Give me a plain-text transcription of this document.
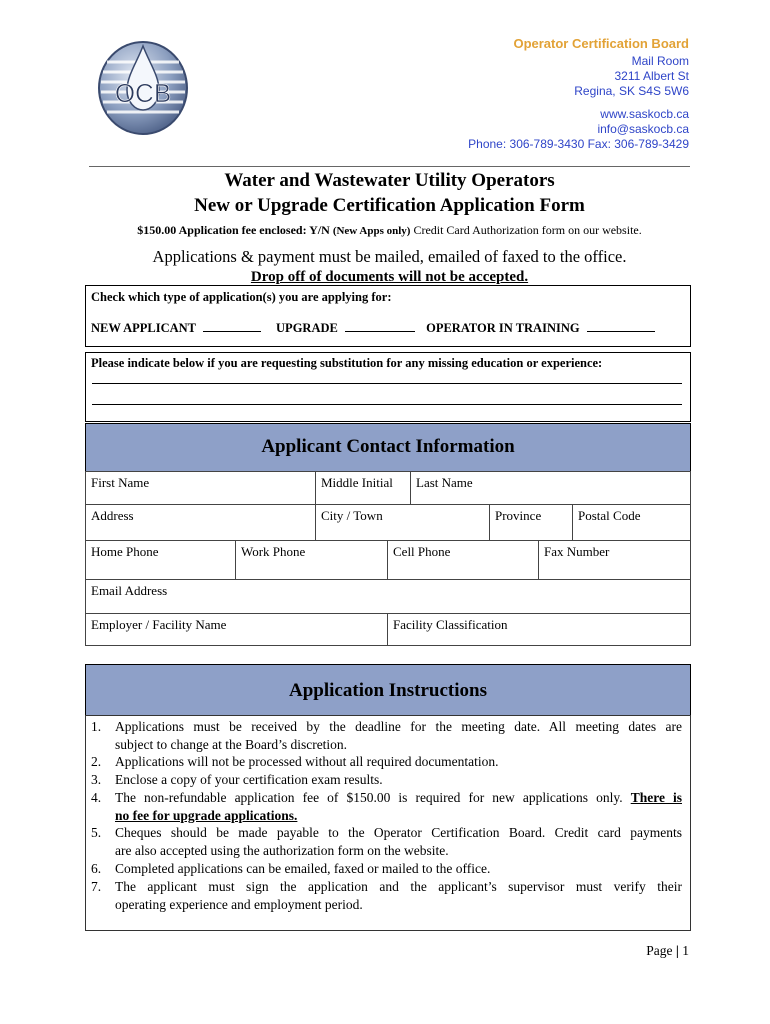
OCB
Operator Certification Board
Mail Room
3211 Albert St
Regina, SK S4S 5W6
www.saskocb.ca
info@saskocb.ca
Phone: 306-789-3430 Fax: 306-789-3429
Water and Wastewater Utility Operators
New or Upgrade Certification Application Form
$150.00 Application fee enclosed: Y/N (New Apps only) Credit Card Authorization form on our website.
Applications & payment must be mailed, emailed of faxed to the office.
Drop off of documents will not be accepted.
Check which type of application(s) you are applying for:
NEW APPLICANT	UPGRADE	OPERATOR IN TRAINING
Please indicate below if you are requesting substitution for any missing education or experience:
Applicant Contact Information
First Name	Middle Initial	Last Name
Address	City / Town	Province	Postal Code
Home Phone	Work Phone	Cell Phone	Fax Number
Email Address
Employer / Facility Name	Facility Classification
Application Instructions
1. Applications must be received by the deadline for the meeting date. All meeting dates are
subject to change at the Board’s discretion.
2. Applications will not be processed without all required documentation.
3. Enclose a copy of your certification exam results.
4. The non-refundable application fee of $150.00 is required for new applications only. There is
no fee for upgrade applications.
5. Cheques should be made payable to the Operator Certification Board. Credit card payments
are also accepted using the authorization form on the website.
6. Completed applications can be emailed, faxed or mailed to the office.
7. The applicant must sign the application and the applicant’s supervisor must verify their
operating experience and employment period.
Page | 1
